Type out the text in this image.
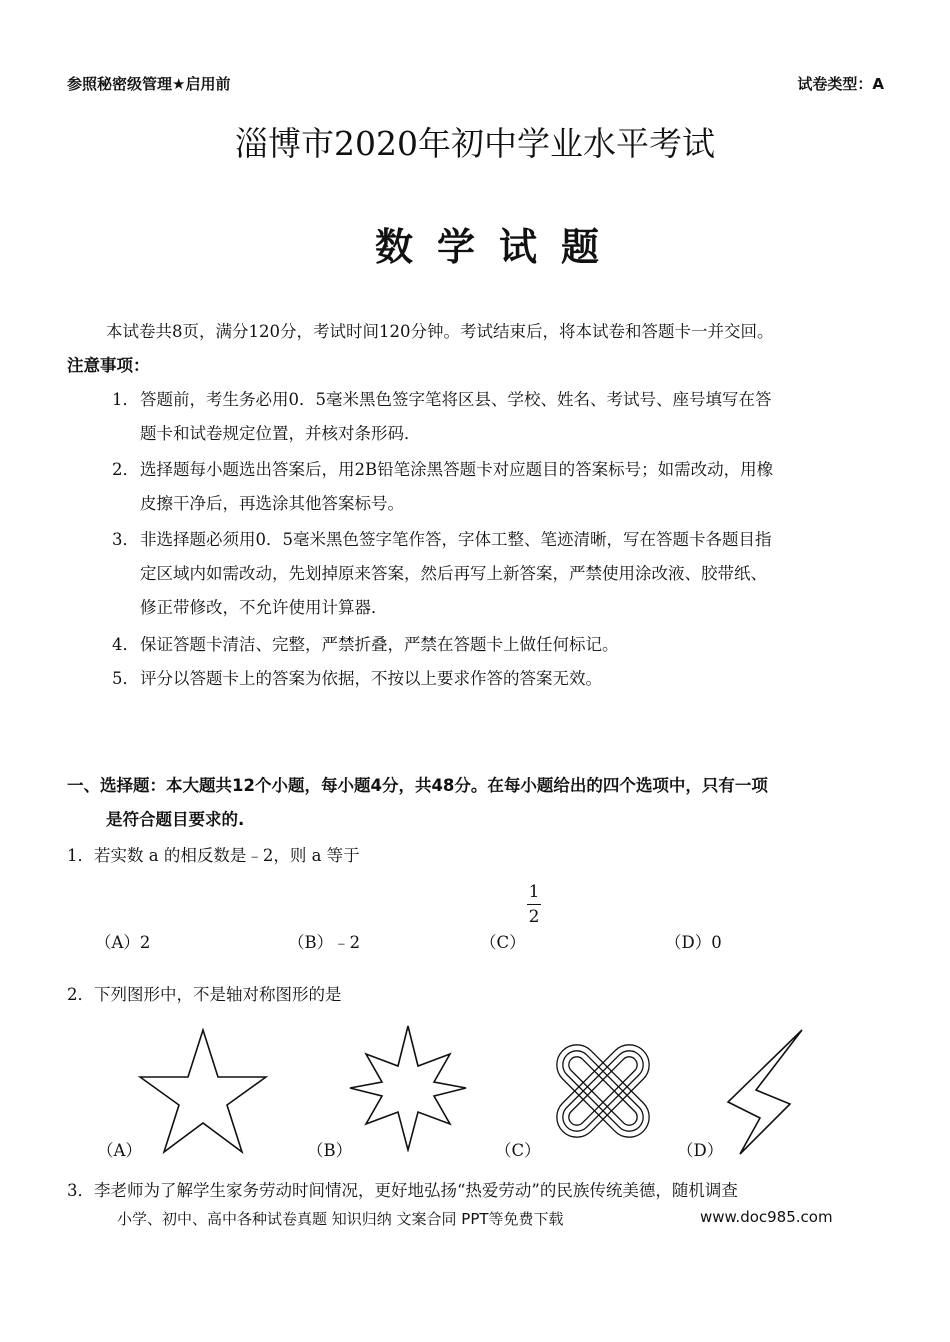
参照秘密级管理★启用前	试卷类型：A
淄博市2020年初中学业水平考试
数学试题
本试卷共8页，满分120分，考试时间120分钟。考试结束后，将本试卷和答题卡一并交回。
注意事项：
1．答题前，考生务必用0．5毫米黑色签字笔将区县、学校、姓名、考试号、座号填写在答
题卡和试卷规定位置，并核对条形码．
2．选择题每小题选出答案后，用2B铅笔涂黑答题卡对应题目的答案标号；如需改动，用橡
皮擦干净后，再选涂其他答案标号。
3．非选择题必须用0．5毫米黑色签字笔作答，字体工整、笔迹清晰，写在答题卡各题目指
定区域内如需改动，先划掉原来答案，然后再写上新答案，严禁使用涂改液、胶带纸、
修正带修改，不允许使用计算器．
4．保证答题卡清洁、完整，严禁折叠，严禁在答题卡上做任何标记。
5．评分以答题卡上的答案为依据，不按以上要求作答的答案无效。
一、选择题：本大题共12个小题，每小题4分，共48分。在每小题给出的四个选项中，只有一项
是符合题目要求的.
1．若实数 a 的相反数是﹣2，则 a 等于
（A）2	（B）﹣2	（C）
1
2
（D）0
2．下列图形中，不是轴对称图形的是
（A）	（B）	（C）	（D）
3．李老师为了解学生家务劳动时间情况，更好地弘扬“热爱劳动”的民族传统美德，随机调查
小学、初中、高中各种试卷真题 知识归纳 文案合同 PPT等免费下载	www.doc985.com
